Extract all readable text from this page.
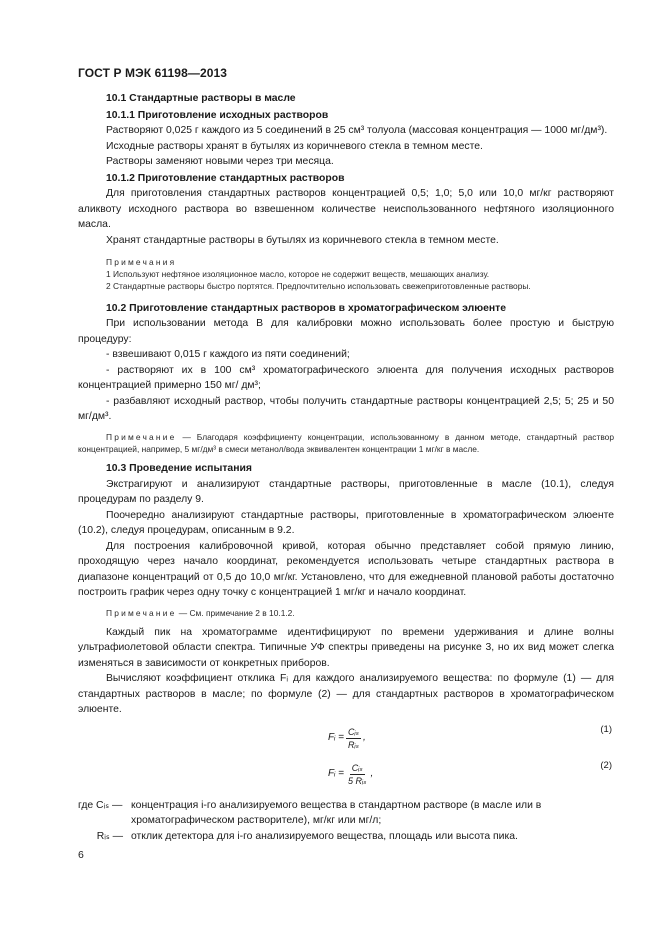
ГОСТ Р МЭК 61198—2013

10.1 Стандартные растворы в масле

10.1.1 Приготовление исходных растворов

Растворяют 0,025 г каждого из 5 соединений в 25 см³ толуола (массовая концентрация — 1000 мг/дм³).

Исходные растворы хранят в бутылях из коричневого стекла в темном месте.

Растворы заменяют новыми через три месяца.

10.1.2 Приготовление стандартных растворов

Для приготовления стандартных растворов концентрацией 0,5; 1,0; 5,0 или 10,0 мг/кг растворяют аликвоту исходного раствора во взвешенном количестве неиспользованного нефтяного изоляционного масла.

Хранят стандартные растворы в бутылях из коричневого стекла в темном месте.

Примечания

1 Используют нефтяное изоляционное масло, которое не содержит веществ, мешающих анализу.

2 Стандартные растворы быстро портятся. Предпочтительно использовать свежеприготовленные растворы.

10.2 Приготовление стандартных растворов в хроматографическом элюенте

При использовании метода В для калибровки можно использовать более простую и быструю процедуру:

- взвешивают 0,015 г каждого из пяти соединений;

- растворяют их в 100 см³ хроматографического элюента для получения исходных растворов концентрацией примерно 150 мг/ дм³;

- разбавляют исходный раствор, чтобы получить стандартные растворы концентрацией 2,5; 5; 25 и 50 мг/дм³.

Примечание — Благодаря коэффициенту концентрации, использованному в данном методе, стандартный раствор концентрацией, например, 5 мг/дм³ в смеси метанол/вода эквивалентен концентрации 1 мг/кг в масле.

10.3 Проведение испытания

Экстрагируют и анализируют стандартные растворы, приготовленные в масле (10.1), следуя процедурам по разделу 9.

Поочередно анализируют стандартные растворы, приготовленные в хроматографическом элюенте (10.2), следуя процедурам, описанным в 9.2.

Для построения калибровочной кривой, которая обычно представляет собой прямую линию, проходящую через начало координат, рекомендуется использовать четыре стандартных раствора в диапазоне концентраций от 0,5 до 10,0 мг/кг. Установлено, что для ежедневной плановой работы достаточно построить график через одну точку с концентрацией 1 мг/кг и начало координат.

Примечание — См. примечание 2 в 10.1.2.

Каждый пик на хроматограмме идентифицируют по времени удерживания и длине волны ультрафиолетовой области спектра. Типичные УФ спектры приведены на рисунке 3, но их вид может слегка изменяться в зависимости от конкретных приборов.

Вычисляют коэффициент отклика Fᵢ для каждого анализируемого вещества: по формуле (1) — для стандартных растворов в масле; по формуле (2) — для стандартных растворов в хроматографическом элюенте.

Fᵢ = $\frac{\text{Cᵢₛ}}{\text{Rᵢₛ}}$ ,
(1)
Fᵢ = $\frac{\text{Cᵢₛ}}{\text{5 Rᵢₛ}}$ ,
(2)
где Cᵢₛ — концентрация i-го анализируемого вещества в стандартном растворе (в масле или в хроматографическом растворителе), мг/кг или мг/л;
Rᵢₛ — отклик детектора для i-го анализируемого вещества, площадь или высота пика.
6
